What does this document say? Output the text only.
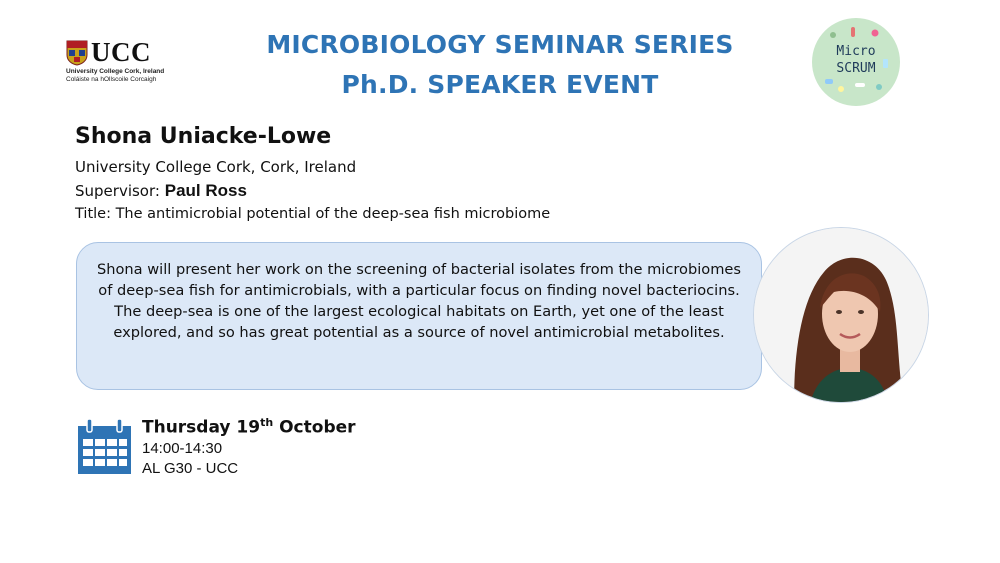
UCC
University College Cork, Ireland
Coláiste na hOllscoile Corcaigh
MICROBIOLOGY SEMINAR SERIES
Ph.D. SPEAKER EVENT
Micro
SCRUM
Shona Uniacke-Lowe
University College Cork, Cork, Ireland
Supervisor: Paul Ross
Title: The antimicrobial potential of the deep-sea fish microbiome
Shona will present her work on the screening of bacterial isolates from the microbiomes of deep-sea fish for antimicrobials, with a particular focus on finding novel bacteriocins. The deep-sea is one of the largest ecological habitats on Earth, yet one of the least explored, and so has great potential as a source of novel antimicrobial metabolites.
Thursday 19th October
14:00-14:30
AL G30 - UCC
